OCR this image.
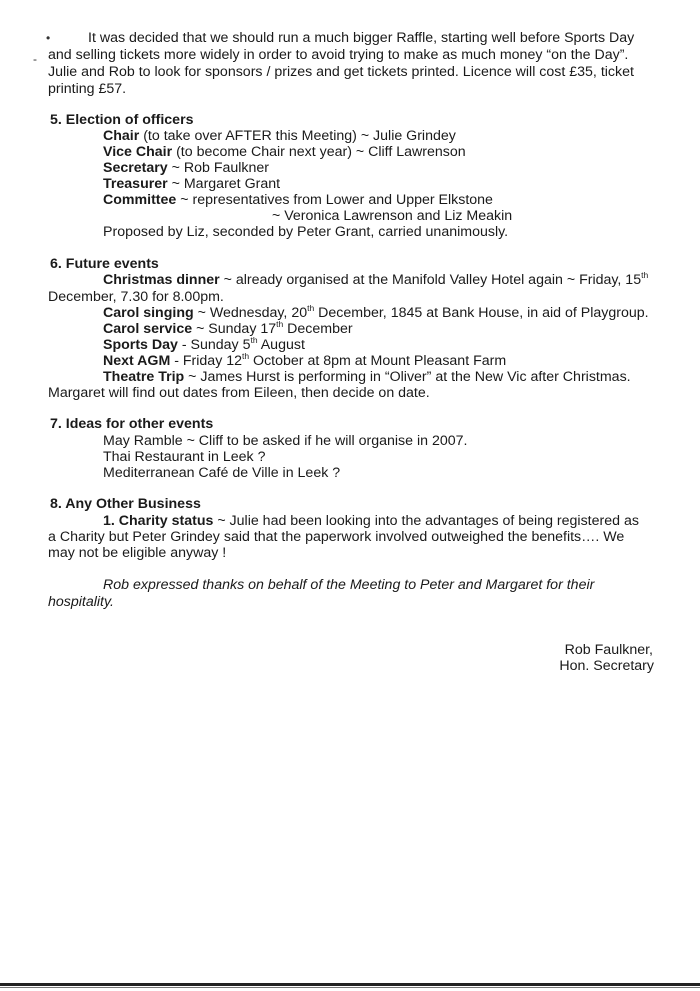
•
-
It was decided that we should run a much bigger Raffle, starting well before Sports Day
and selling tickets more widely in order to avoid trying to make as much money “on the Day”.
Julie and Rob to look for sponsors / prizes and get tickets printed. Licence will cost £35, ticket
printing £57.
5. Election of officers
Chair (to take over AFTER this Meeting) ~ Julie Grindey
Vice Chair (to become Chair next year) ~ Cliff Lawrenson
Secretary ~ Rob Faulkner
Treasurer ~ Margaret Grant
Committee ~ representatives from Lower and Upper Elkstone
~ Veronica Lawrenson and Liz Meakin
Proposed by Liz, seconded by Peter Grant, carried unanimously.
6. Future events
Christmas dinner ~ already organised at the Manifold Valley Hotel again ~ Friday, 15th
December, 7.30 for 8.00pm.
Carol singing ~ Wednesday, 20th December, 1845 at Bank House, in aid of Playgroup.
Carol service ~ Sunday 17th December
Sports Day - Sunday 5th August
Next AGM - Friday 12th October at 8pm at Mount Pleasant Farm
Theatre Trip ~ James Hurst is performing in “Oliver” at the New Vic after Christmas.
Margaret will find out dates from Eileen, then decide on date.
7. Ideas for other events
May Ramble ~ Cliff to be asked if he will organise in 2007.
Thai Restaurant in Leek ?
Mediterranean Café de Ville in Leek ?
8. Any Other Business
1. Charity status ~ Julie had been looking into the advantages of being registered as
a Charity but Peter Grindey said that the paperwork involved outweighed the benefits…. We
may not be eligible anyway !
Rob expressed thanks on behalf of the Meeting to Peter and Margaret for their
hospitality.
Rob Faulkner,
Hon. Secretary
